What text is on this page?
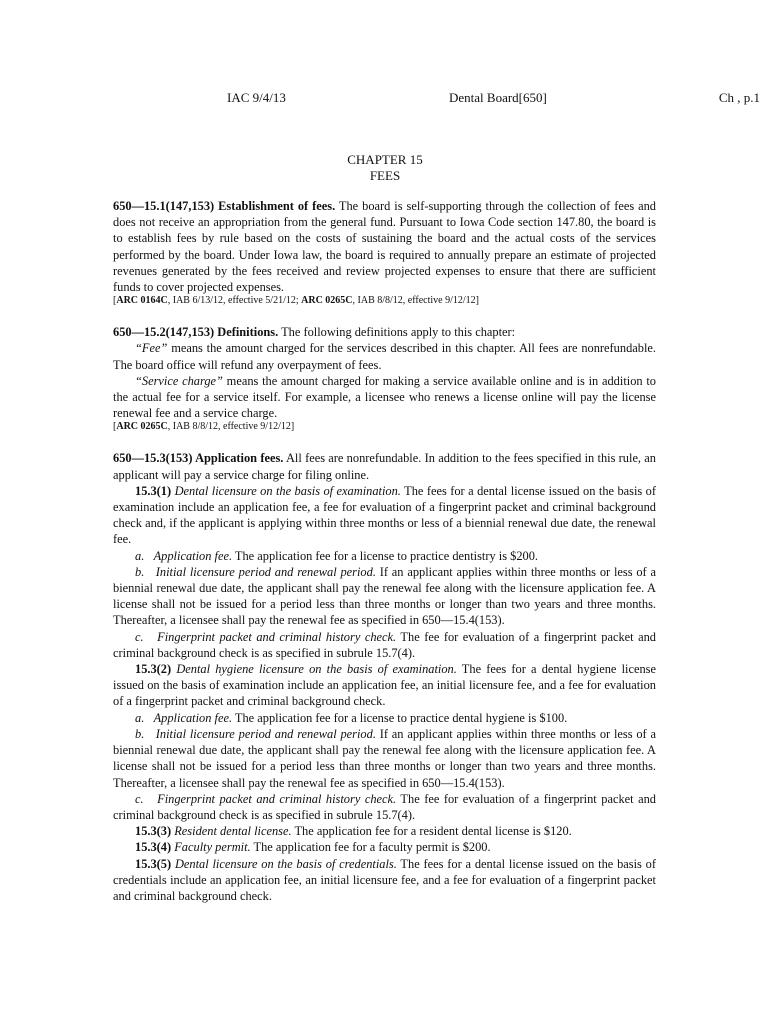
IAC 9/4/13	Dental Board[650]	Ch , p.1
CHAPTER 15
FEES

650—15.1(147,153) Establishment of fees. The board is self-supporting through the collection of fees and does not receive an appropriation from the general fund. Pursuant to Iowa Code section 147.80, the board is to establish fees by rule based on the costs of sustaining the board and the actual costs of the services performed by the board. Under Iowa law, the board is required to annually prepare an estimate of projected revenues generated by the fees received and review projected expenses to ensure that there are sufficient funds to cover projected expenses.

[ARC 0164C, IAB 6/13/12, effective 5/21/12; ARC 0265C, IAB 8/8/12, effective 9/12/12]

650—15.2(147,153) Definitions. The following definitions apply to this chapter:

“Fee” means the amount charged for the services described in this chapter. All fees are nonrefundable. The board office will refund any overpayment of fees.

“Service charge” means the amount charged for making a service available online and is in addition to the actual fee for a service itself. For example, a licensee who renews a license online will pay the license renewal fee and a service charge.

[ARC 0265C, IAB 8/8/12, effective 9/12/12]

650—15.3(153) Application fees. All fees are nonrefundable. In addition to the fees specified in this rule, an applicant will pay a service charge for filing online.

15.3(1) Dental licensure on the basis of examination. The fees for a dental license issued on the basis of examination include an application fee, a fee for evaluation of a fingerprint packet and criminal background check and, if the applicant is applying within three months or less of a biennial renewal due date, the renewal fee.

a. Application fee. The application fee for a license to practice dentistry is $200.

b. Initial licensure period and renewal period. If an applicant applies within three months or less of a biennial renewal due date, the applicant shall pay the renewal fee along with the licensure application fee. A license shall not be issued for a period less than three months or longer than two years and three months. Thereafter, a licensee shall pay the renewal fee as specified in 650—15.4(153).

c. Fingerprint packet and criminal history check. The fee for evaluation of a fingerprint packet and criminal background check is as specified in subrule 15.7(4).

15.3(2) Dental hygiene licensure on the basis of examination. The fees for a dental hygiene license issued on the basis of examination include an application fee, an initial licensure fee, and a fee for evaluation of a fingerprint packet and criminal background check.

a. Application fee. The application fee for a license to practice dental hygiene is $100.

b. Initial licensure period and renewal period. If an applicant applies within three months or less of a biennial renewal due date, the applicant shall pay the renewal fee along with the licensure application fee. A license shall not be issued for a period less than three months or longer than two years and three months. Thereafter, a licensee shall pay the renewal fee as specified in 650—15.4(153).

c. Fingerprint packet and criminal history check. The fee for evaluation of a fingerprint packet and criminal background check is as specified in subrule 15.7(4).

15.3(3) Resident dental license. The application fee for a resident dental license is $120.

15.3(4) Faculty permit. The application fee for a faculty permit is $200.

15.3(5) Dental licensure on the basis of credentials. The fees for a dental license issued on the basis of credentials include an application fee, an initial licensure fee, and a fee for evaluation of a fingerprint packet and criminal background check.
